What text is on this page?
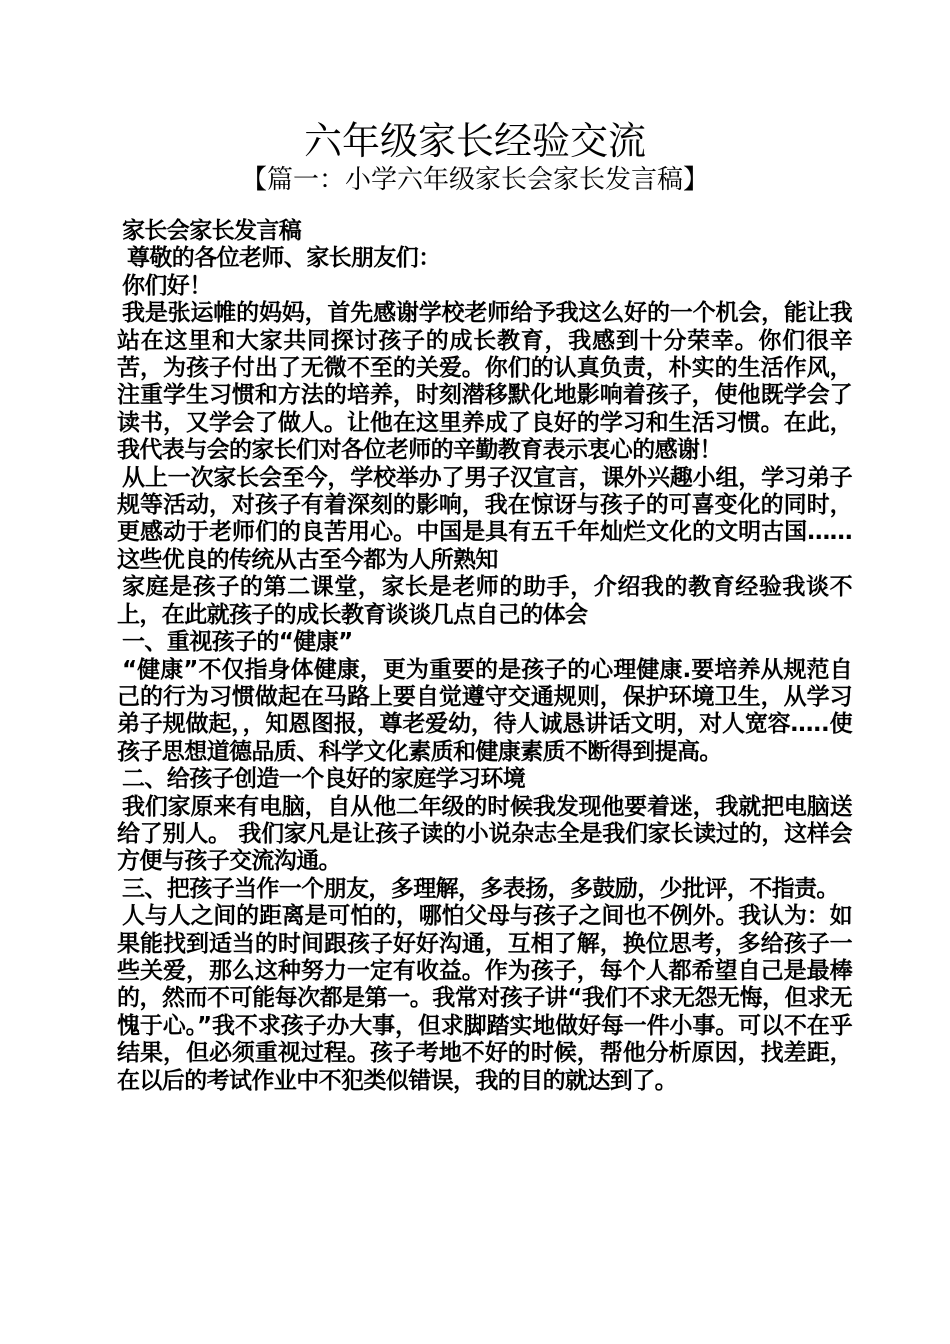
六年级家长经验交流
【篇一：小学六年级家长会家长发言稿】

家长会家长发言稿

尊敬的各位老师、家长朋友们：

你们好！

我是张运帷的妈妈，首先感谢学校老师给予我这么好的一个机会，能让我站在这里和大家共同探讨孩子的成长教育，我感到十分荣幸。你们很辛苦，为孩子付出了无微不至的关爱。你们的认真负责，朴实的生活作风，注重学生习惯和方法的培养，时刻潜移默化地影响着孩子，使他既学会了读书，又学会了做人。让他在这里养成了良好的学习和生活习惯。在此，我代表与会的家长们对各位老师的辛勤教育表示衷心的感谢！

从上一次家长会至今，学校举办了男子汉宣言，课外兴趣小组，学习弟子规等活动，对孩子有着深刻的影响，我在惊讶与孩子的可喜变化的同时，更感动于老师们的良苦用心。中国是具有五千年灿烂文化的文明古国……这些优良的传统从古至今都为人所熟知

家庭是孩子的第二课堂，家长是老师的助手，介绍我的教育经验我谈不上，在此就孩子的成长教育谈谈几点自己的体会

一、重视孩子的“健康”

“健康”不仅指身体健康，更为重要的是孩子的心理健康.要培养从规范自己的行为习惯做起在马路上要自觉遵守交通规则，保护环境卫生，从学习弟子规做起，，知恩图报，尊老爱幼，待人诚恳讲话文明，对人宽容…..使孩子思想道德品质、科学文化素质和健康素质不断得到提高。

二、给孩子创造一个良好的家庭学习环境

我们家原来有电脑，自从他二年级的时候我发现他要着迷，我就把电脑送给了别人。 我们家凡是让孩子读的小说杂志全是我们家长读过的，这样会方便与孩子交流沟通。

三、把孩子当作一个朋友，多理解，多表扬，多鼓励，少批评，不指责。

人与人之间的距离是可怕的，哪怕父母与孩子之间也不例外。我认为：如果能找到适当的时间跟孩子好好沟通，互相了解，换位思考，多给孩子一些关爱，那么这种努力一定有收益。作为孩子，每个人都希望自己是最棒的，然而不可能每次都是第一。我常对孩子讲“我们不求无怨无悔，但求无愧于心。”我不求孩子办大事，但求脚踏实地做好每一件小事。可以不在乎结果，但必须重视过程。孩子考地不好的时候，帮他分析原因，找差距，在以后的考试作业中不犯类似错误，我的目的就达到了。
